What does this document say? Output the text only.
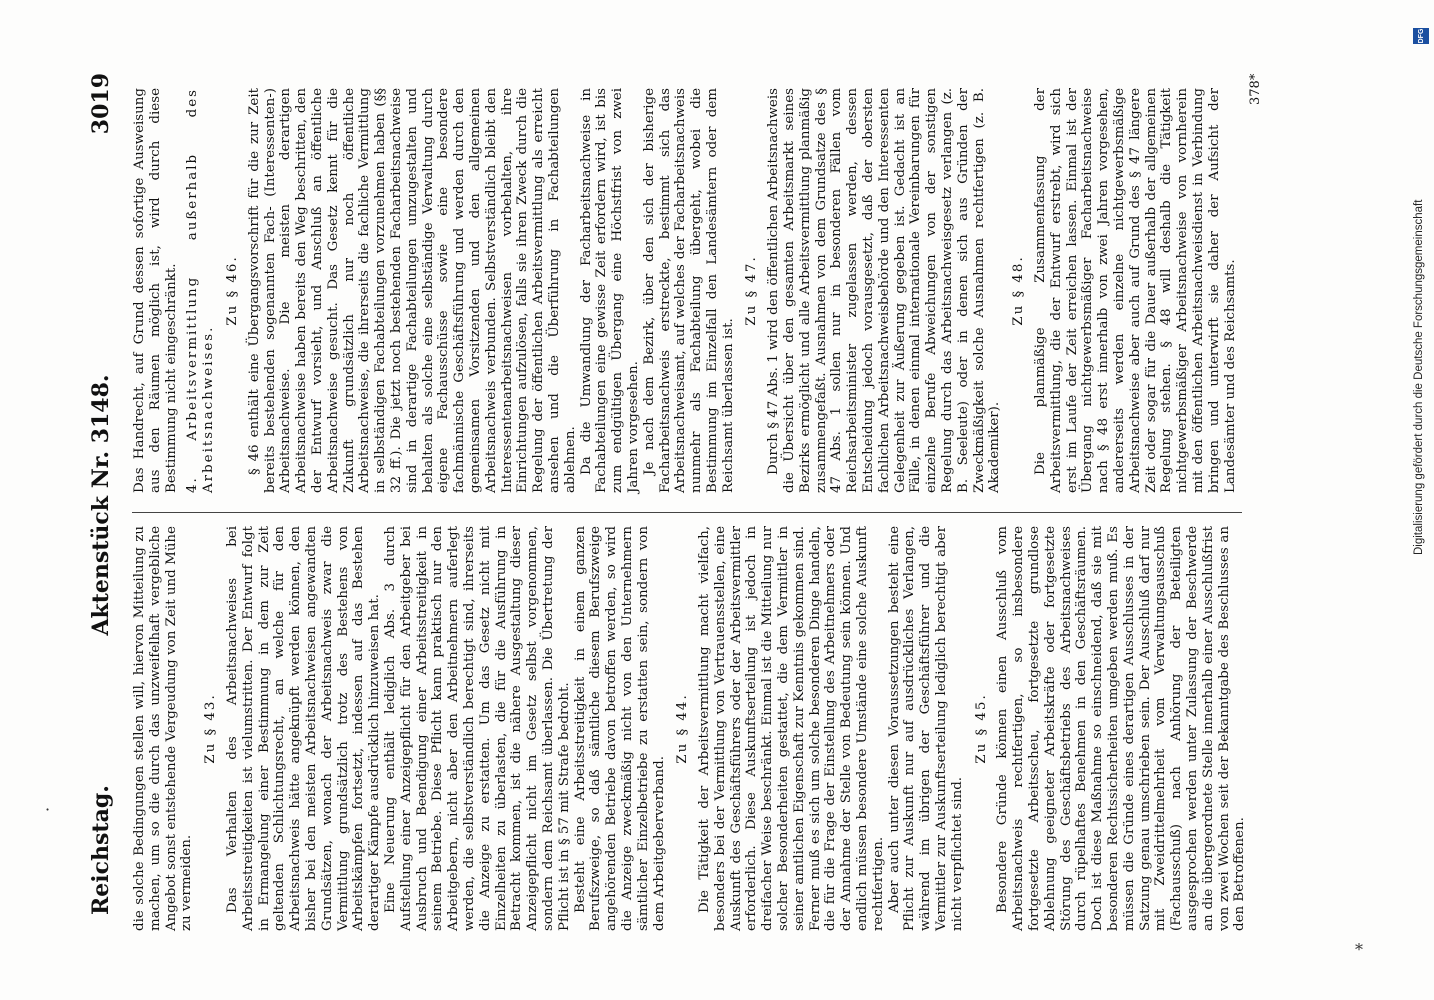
Reichstag.
Aktenstück Nr. 3148.
3019

die solche Bedingungen stellen will, hiervon Mitteilung zu machen, um so die durch das unzweifelhaft vergebliche Angebot sonst entstehende Vergeudung von Zeit und Mühe zu vermeiden.

Zu § 43. Das Verhalten des Arbeitsnachweises bei Arbeitsstreitigkeiten ist vielumstritten. Der Entwurf folgt in Ermangelung einer Bestimmung in dem zur Zeit geltenden Schlichtungsrecht, an welche für den Arbeitsnachweis hätte angeknüpft werden können, den bisher bei den meisten Arbeitsnachweisen angewandten Grundsätzen, wonach der Arbeitsnachweis zwar die Vermittlung grundsätzlich trotz des Bestehens von Arbeitskämpfen fortsetzt, indessen auf das Bestehen derartiger Kämpfe ausdrücklich hinzuweisen hat. Eine Neuerung enthält lediglich Abs. 3 durch Aufstellung einer Anzeigepflicht für den Arbeitgeber bei Ausbruch und Beendigung einer Arbeitsstreitigkeit in seinem Betriebe. Diese Pflicht kann praktisch nur den Arbeitgebern, nicht aber den Arbeitnehmern auferlegt werden, die selbstverständlich berechtigt sind, ihrerseits die Anzeige zu erstatten. Um das Gesetz nicht mit Einzelheiten zu überlasten, die für die Ausführung in Betracht kommen, ist die nähere Ausgestaltung dieser Anzeigepflicht nicht im Gesetz selbst vorgenommen, sondern dem Reichsamt überlassen. Die Übertretung der Pflicht ist in § 57 mit Strafe bedroht. Besteht eine Arbeitsstreitigkeit in einem ganzen Berufszweige, so daß sämtliche diesem Berufszweige angehörenden Betriebe davon betroffen werden, so wird die Anzeige zweckmäßig nicht von den Unternehmern sämtlicher Einzelbetriebe zu erstatten sein, sondern von dem Arbeitgeberverband.

Zu § 44. Die Tätigkeit der Arbeitsvermittlung macht vielfach, besonders bei der Vermittlung von Vertrauensstellen, eine Auskunft des Geschäftsführers oder der Arbeitsvermittler erforderlich. Diese Auskunftserteilung ist jedoch in dreifacher Weise beschränkt. Einmal ist die Mitteilung nur solcher Besonderheiten gestattet, die dem Vermittler in seiner amtlichen Eigenschaft zur Kenntnis gekommen sind. Ferner muß es sich um solche besonderen Dinge handeln, die für die Frage der Einstellung des Arbeitnehmers oder der Annahme der Stelle von Bedeutung sein können. Und endlich müssen besondere Umstände eine solche Auskunft rechtfertigen. Aber auch unter diesen Voraussetzungen besteht eine Pflicht zur Auskunft nur auf ausdrückliches Verlangen, während im übrigen der Geschäftsführer und die Vermittler zur Auskunftserteilung lediglich berechtigt aber nicht verpflichtet sind.

Zu § 45. Besondere Gründe können einen Ausschluß vom Arbeitsnachweis rechtfertigen, so insbesondere fortgesetzte Arbeitsscheu, fortgesetzte grundlose Ablehnung geeigneter Arbeitskräfte oder fortgesetzte Störung des Geschäftsbetriebs des Arbeitsnachweises durch rüpelhaftes Benehmen in den Geschäftsräumen. Doch ist diese Maßnahme so einschneidend, daß sie mit besonderen Rechtssicherheiten umgeben werden muß. Es müssen die Gründe eines derartigen Ausschlusses in der Satzung genau umschrieben sein. Der Ausschluß darf nur mit Zweidrittelmehrheit vom Verwaltungsausschuß (Fachausschuß) nach Anhörung der Beteiligten ausgesprochen werden unter Zulassung der Beschwerde an die übergeordnete Stelle innerhalb einer Ausschlußfrist von zwei Wochen seit der Bekanntgabe des Beschlusses an den Betroffenen.

Das Handrecht, auf Grund dessen sofortige Ausweisung aus den Räumen möglich ist, wird durch diese Bestimmung nicht eingeschränkt. 4. Arbeitsvermittlung außerhalb des Arbeitsnachweises.
Zu § 46. § 46 enthält eine Übergangsvorschrift für die zur Zeit bereits bestehenden sogenannten Fach- (Interessenten-) Arbeitsnachweise. Die meisten derartigen Arbeitsnachweise haben bereits den Weg beschritten, den der Entwurf vorsieht, und Anschluß an öffentliche Arbeitsnachweise gesucht. Das Gesetz kennt für die Zukunft grundsätzlich nur noch öffentliche Arbeitsnachweise, die ihrerseits die fachliche Vermittlung in selbständigen Fachabteilungen vorzunehmen haben (§§ 32 ff.). Die jetzt noch bestehenden Facharbeitsnachweise sind in derartige Fachabteilungen umzugestalten und behalten als solche eine selbständige Verwaltung durch eigene Fachausschüsse sowie eine besondere fachmännische Geschäftsführung und werden durch den gemeinsamen Vorsitzenden und den allgemeinen Arbeitsnachweis verbunden. Selbstverständlich bleibt den Interessentenarbeitsnachweisen vorbehalten, ihre Einrichtungen aufzulösen, falls sie ihren Zweck durch die Regelung der öffentlichen Arbeitsvermittlung als erreicht ansehen und die Überführung in Fachabteilungen ablehnen. Da die Umwandlung der Facharbeitsnachweise in Fachabteilungen eine gewisse Zeit erfordern wird, ist bis zum endgültigen Übergang eine Höchstfrist von zwei Jahren vorgesehen. Je nach dem Bezirk, über den sich der bisherige Facharbeitsnachweis erstreckte, bestimmt sich das Arbeitsnachweisamt, auf welches der Facharbeitsnachweis nunmehr als Fachabteilung übergeht, wobei die Bestimmung im Einzelfall den Landesämtern oder dem Reichsamt überlassen ist.

Zu § 47. Durch § 47 Abs. 1 wird den öffentlichen Arbeitsnachweis die Übersicht über den gesamten Arbeitsmarkt seines Bezirks ermöglicht und alle Arbeitsvermittlung planmäßig zusammengefaßt. Ausnahmen von dem Grundsatze des § 47 Abs. 1 sollen nur in besonderen Fällen vom Reichsarbeitsminister zugelassen werden, dessen Entscheidung jedoch vorausgesetzt, daß der obersten fachlichen Arbeitsnachweisbehörde und den Interessenten Gelegenheit zur Äußerung gegeben ist. Gedacht ist an Fälle, in denen einmal internationale Vereinbarungen für einzelne Berufe Abweichungen von der sonstigen Regelung durch das Arbeitsnachweisgesetz verlangen (z. B. Seeleute) oder in denen sich aus Gründen der Zweckmäßigkeit solche Ausnahmen rechtfertigen (z. B. Akademiker).

Zu § 48. Die planmäßige Zusammenfassung der Arbeitsvermittlung, die der Entwurf erstrebt, wird sich erst im Laufe der Zeit erreichen lassen. Einmal ist der Übergang nichtgewerbsmäßiger Facharbeitsnachweise nach § 48 erst innerhalb von zwei Jahren vorgesehen, andererseits werden einzelne nichtgewerbsmäßige Arbeitsnachweise aber auch auf Grund des § 47 längere Zeit oder sogar für die Dauer außerhalb der allgemeinen Regelung stehen. § 48 will deshalb die Tätigkeit nichtgewerbsmäßiger Arbeitsnachweise von vornherein mit den öffentlichen Arbeitsnachweisdienst in Verbindung bringen und unterwirft sie daher der Aufsicht der Landesämter und des Reichsamts.

378*
DFG
Digitalisierung gefördert durch die Deutsche Forschungsgemeinschaft
·
*
